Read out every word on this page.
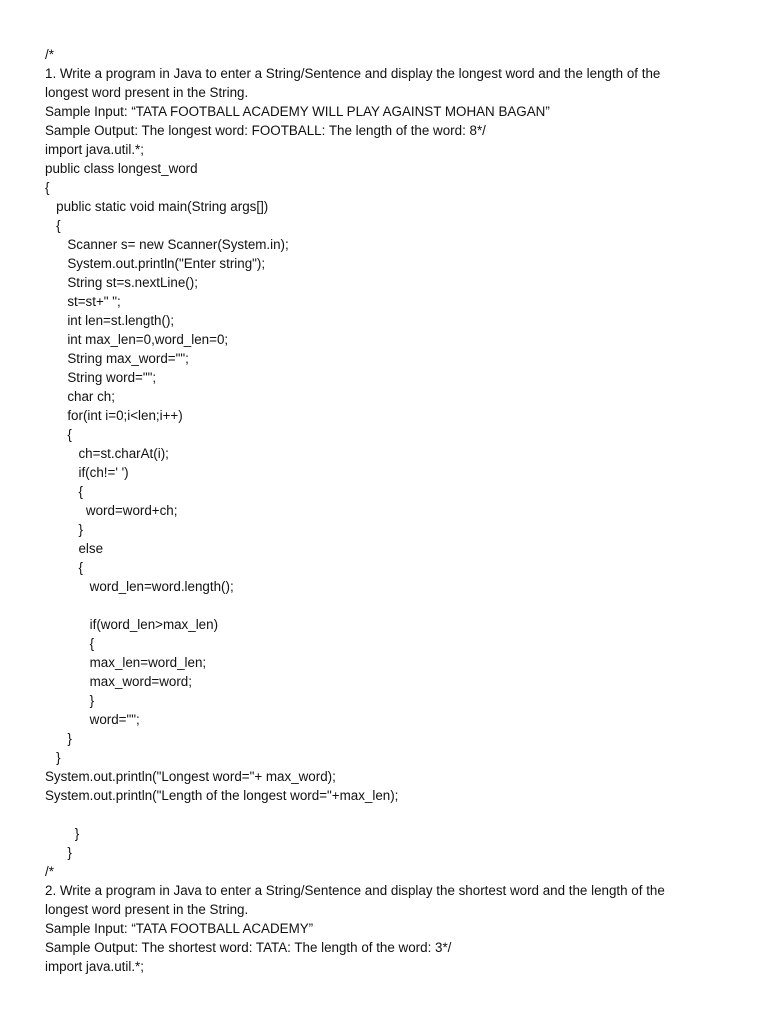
/*
1. Write a program in Java to enter a String/Sentence and display the longest word and the length of the
longest word present in the String.
Sample Input: “TATA FOOTBALL ACADEMY WILL PLAY AGAINST MOHAN BAGAN”
Sample Output: The longest word: FOOTBALL: The length of the word: 8*/
import java.util.*;
public class longest_word
{
public static void main(String args[])
{
Scanner s= new Scanner(System.in);
System.out.println("Enter string");
String st=s.nextLine();
st=st+" ";
int len=st.length();
int max_len=0,word_len=0;
String max_word="";
String word="";
char ch;
for(int i=0;i<len;i++)
{
ch=st.charAt(i);
if(ch!=' ')
{
word=word+ch;
}
else
{
word_len=word.length();
if(word_len>max_len)
{
max_len=word_len;
max_word=word;
}
word="";
}
}
System.out.println("Longest word="+ max_word);
System.out.println("Length of the longest word="+max_len);
}
}
/*
2. Write a program in Java to enter a String/Sentence and display the shortest word and the length of the
longest word present in the String.
Sample Input: “TATA FOOTBALL ACADEMY”
Sample Output: The shortest word: TATA: The length of the word: 3*/
import java.util.*;
